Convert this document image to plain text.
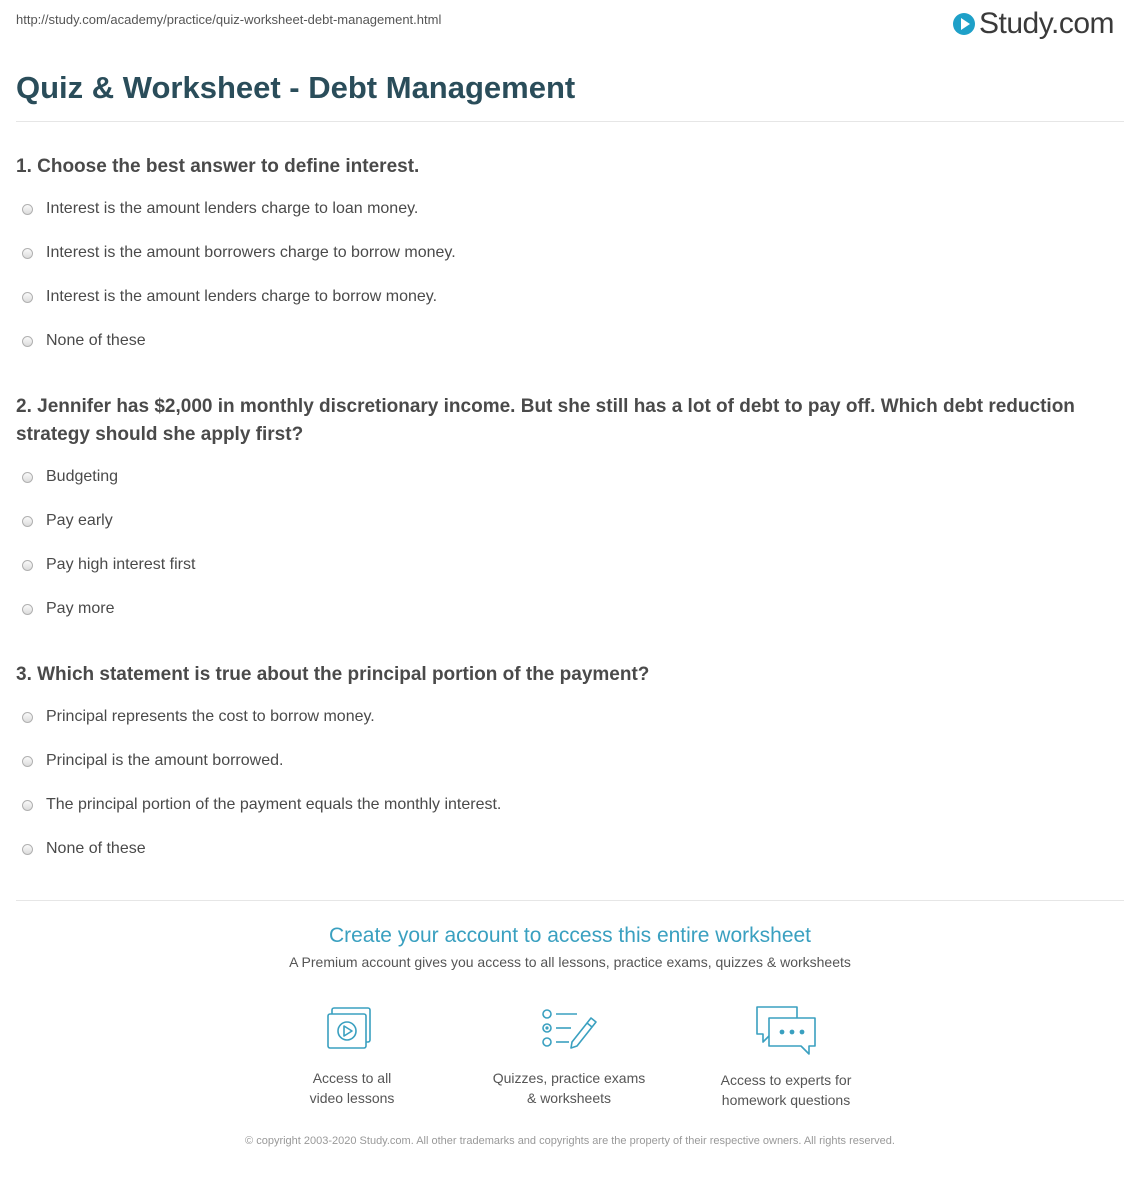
http://study.com/academy/practice/quiz-worksheet-debt-management.html	Study.com
Quiz & Worksheet - Debt Management
1. Choose the best answer to define interest.
Interest is the amount lenders charge to loan money.
Interest is the amount borrowers charge to borrow money.
Interest is the amount lenders charge to borrow money.
None of these
2. Jennifer has $2,000 in monthly discretionary income. But she still has a lot of debt to pay off. Which debt reduction strategy should she apply first?
Budgeting
Pay early
Pay high interest first
Pay more
3. Which statement is true about the principal portion of the payment?
Principal represents the cost to borrow money.
Principal is the amount borrowed.
The principal portion of the payment equals the monthly interest.
None of these
Create your account to access this entire worksheet
A Premium account gives you access to all lessons, practice exams, quizzes & worksheets
Access to all
video lessons
Quizzes, practice exams
& worksheets
Access to experts for
homework questions
© copyright 2003-2020 Study.com. All other trademarks and copyrights are the property of their respective owners. All rights reserved.
